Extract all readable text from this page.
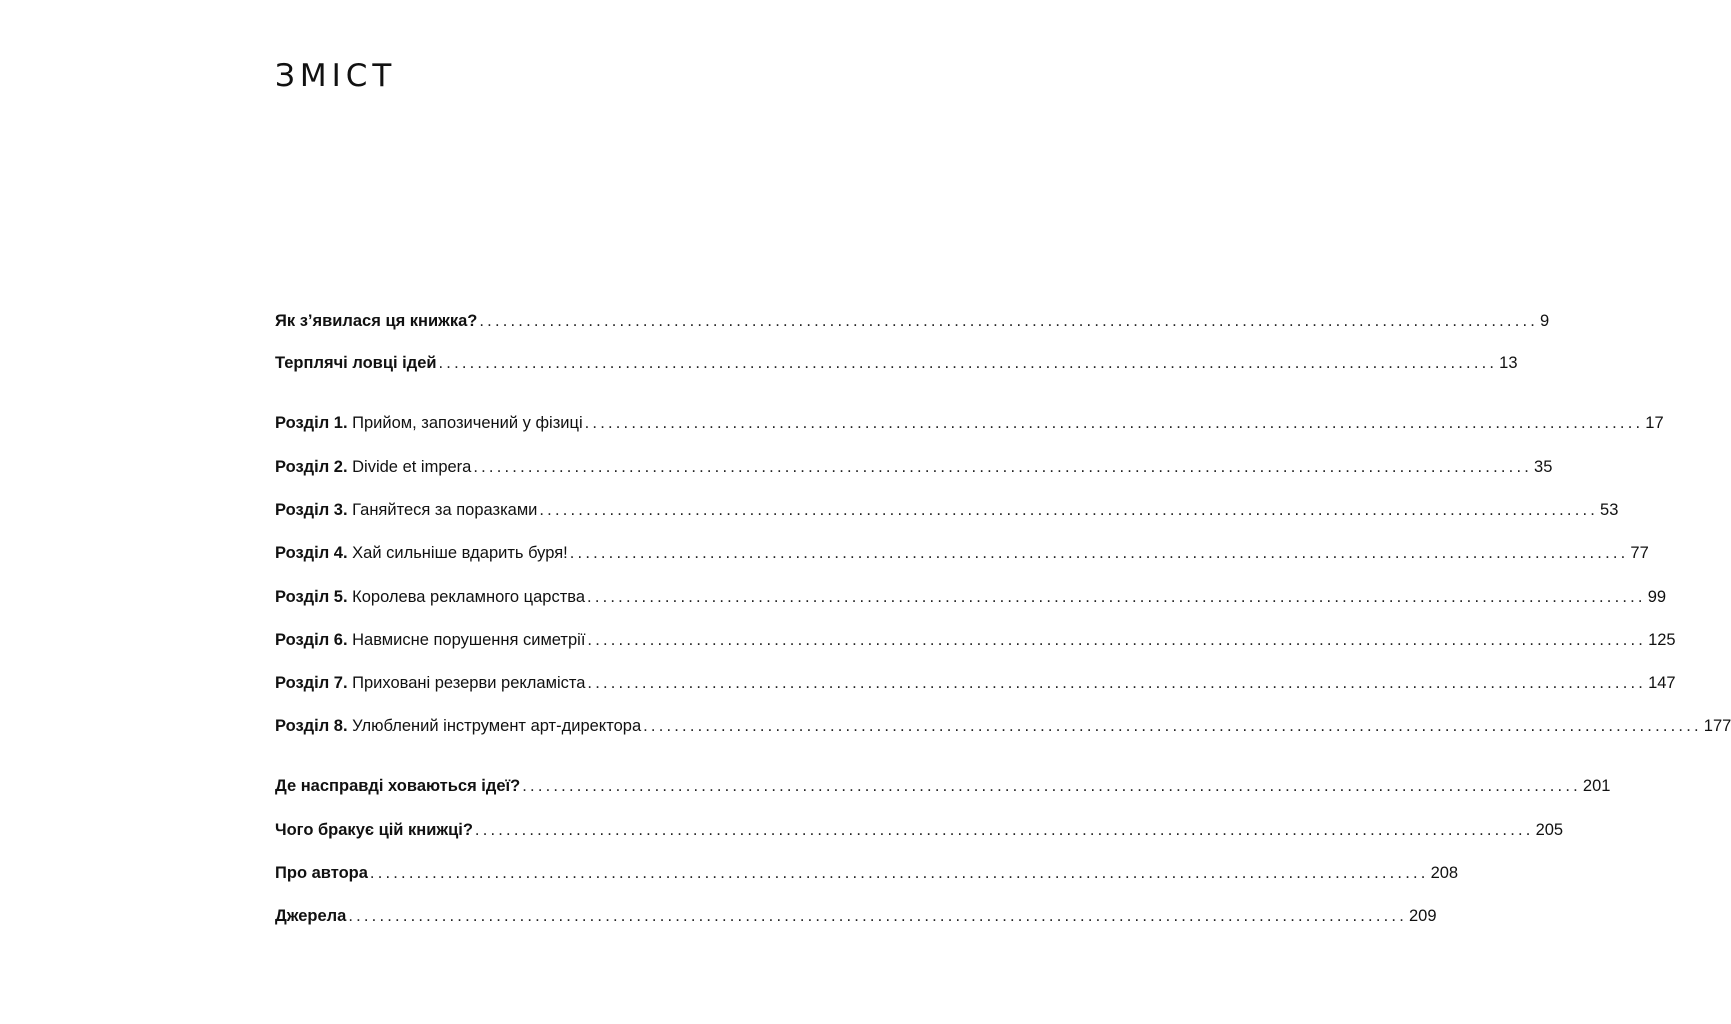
ЗМІСТ
Як з’явилася ця книжка? ........................................................................................................................................ 9
Терплячі ловці ідей ........................................................................................................................................ 13
Розділ 1. Прийом, запозичений у фізиці ........................................................................................................................................ 17
Розділ 2. Divide et impera ........................................................................................................................................ 35
Розділ 3. Ганяйтеся за поразками ........................................................................................................................................ 53
Розділ 4. Хай сильніше вдарить буря! ........................................................................................................................................ 77
Розділ 5. Королева рекламного царства ........................................................................................................................................ 99
Розділ 6. Навмисне порушення симетрії ........................................................................................................................................ 125
Розділ 7. Приховані резерви рекламіста ........................................................................................................................................ 147
Розділ 8. Улюблений інструмент арт-директора ........................................................................................................................................ 177
Де насправді ховаються ідеї? ........................................................................................................................................ 201
Чого бракує цій книжці? ........................................................................................................................................ 205
Про автора ........................................................................................................................................ 208
Джерела ........................................................................................................................................ 209
